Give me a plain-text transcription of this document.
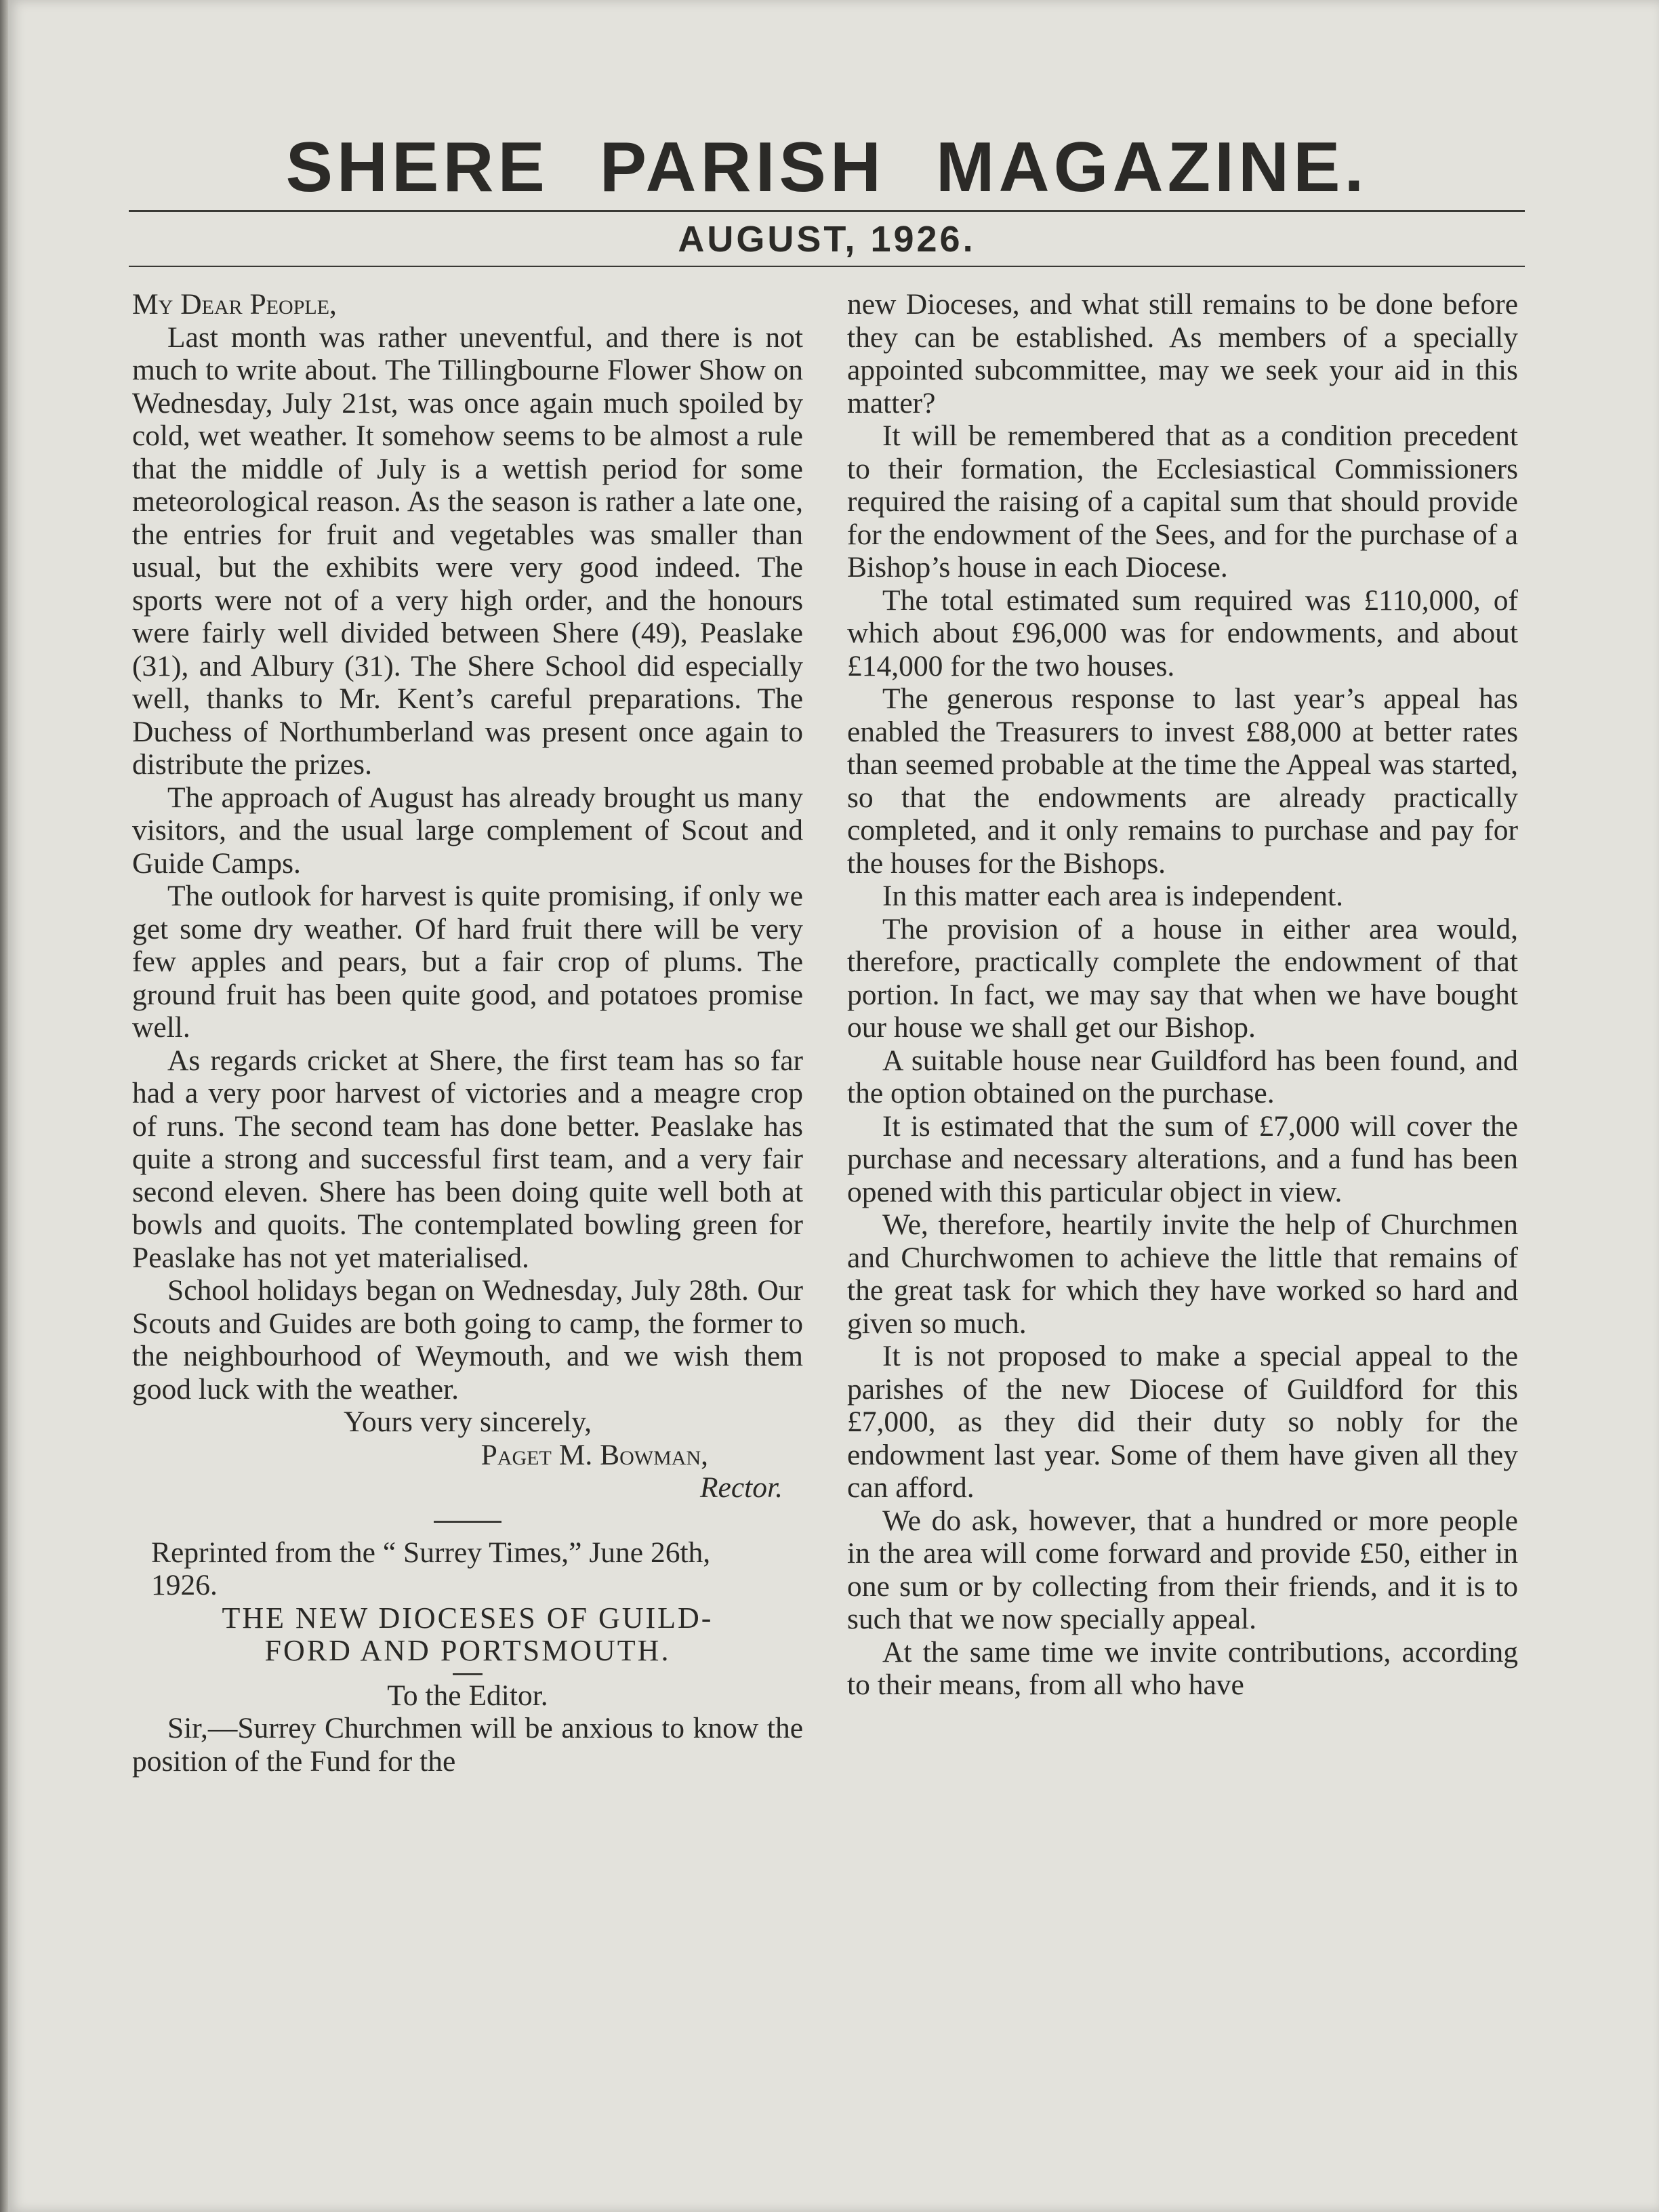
SHERE PARISH MAGAZINE.
AUGUST, 1926.

My Dear People,

Last month was rather uneventful, and there is not much to write about. The Tillingbourne Flower Show on Wednesday, July 21st, was once again much spoiled by cold, wet weather. It somehow seems to be almost a rule that the middle of July is a wettish period for some meteorological reason. As the season is rather a late one, the entries for fruit and vegetables was smaller than usual, but the exhibits were very good indeed. The sports were not of a very high order, and the honours were fairly well divided between Shere (49), Peaslake (31), and Albury (31). The Shere School did especially well, thanks to Mr. Kent’s careful preparations. The Duchess of Northumberland was present once again to distribute the prizes.

The approach of August has already brought us many visitors, and the usual large complement of Scout and Guide Camps.

The outlook for harvest is quite promising, if only we get some dry weather. Of hard fruit there will be very few apples and pears, but a fair crop of plums. The ground fruit has been quite good, and potatoes promise well.

As regards cricket at Shere, the first team has so far had a very poor harvest of victories and a meagre crop of runs. The second team has done better. Peaslake has quite a strong and successful first team, and a very fair second eleven. Shere has been doing quite well both at bowls and quoits. The contemplated bowling green for Peaslake has not yet materialised.

School holidays began on Wednesday, July 28th. Our Scouts and Guides are both going to camp, the former to the neighbourhood of Weymouth, and we wish them good luck with the weather.

Yours very sincerely,

Paget M. Bowman,

Rector.

Reprinted from the “ Surrey Times,” June 26th, 1926.

THE NEW DIOCESES OF GUILD-

FORD AND PORTSMOUTH.

To the Editor.

Sir,—Surrey Churchmen will be anxious to know the position of the Fund for the

new Dioceses, and what still remains to be done before they can be established. As members of a specially appointed subcommittee, may we seek your aid in this matter?

It will be remembered that as a condition precedent to their formation, the Ecclesiastical Commissioners required the raising of a capital sum that should provide for the endowment of the Sees, and for the purchase of a Bishop’s house in each Diocese.

The total estimated sum required was £110,000, of which about £96,000 was for endowments, and about £14,000 for the two houses.

The generous response to last year’s appeal has enabled the Treasurers to invest £88,000 at better rates than seemed probable at the time the Appeal was started, so that the endowments are already practically completed, and it only remains to purchase and pay for the houses for the Bishops.

In this matter each area is independent.

The provision of a house in either area would, therefore, practically complete the endowment of that portion. In fact, we may say that when we have bought our house we shall get our Bishop.

A suitable house near Guildford has been found, and the option obtained on the purchase.

It is estimated that the sum of £7,000 will cover the purchase and necessary alterations, and a fund has been opened with this particular object in view.

We, therefore, heartily invite the help of Churchmen and Churchwomen to achieve the little that remains of the great task for which they have worked so hard and given so much.

It is not proposed to make a special appeal to the parishes of the new Diocese of Guildford for this £7,000, as they did their duty so nobly for the endowment last year. Some of them have given all they can afford.

We do ask, however, that a hundred or more people in the area will come forward and provide £50, either in one sum or by collecting from their friends, and it is to such that we now specially appeal.

At the same time we invite contributions, according to their means, from all who have
